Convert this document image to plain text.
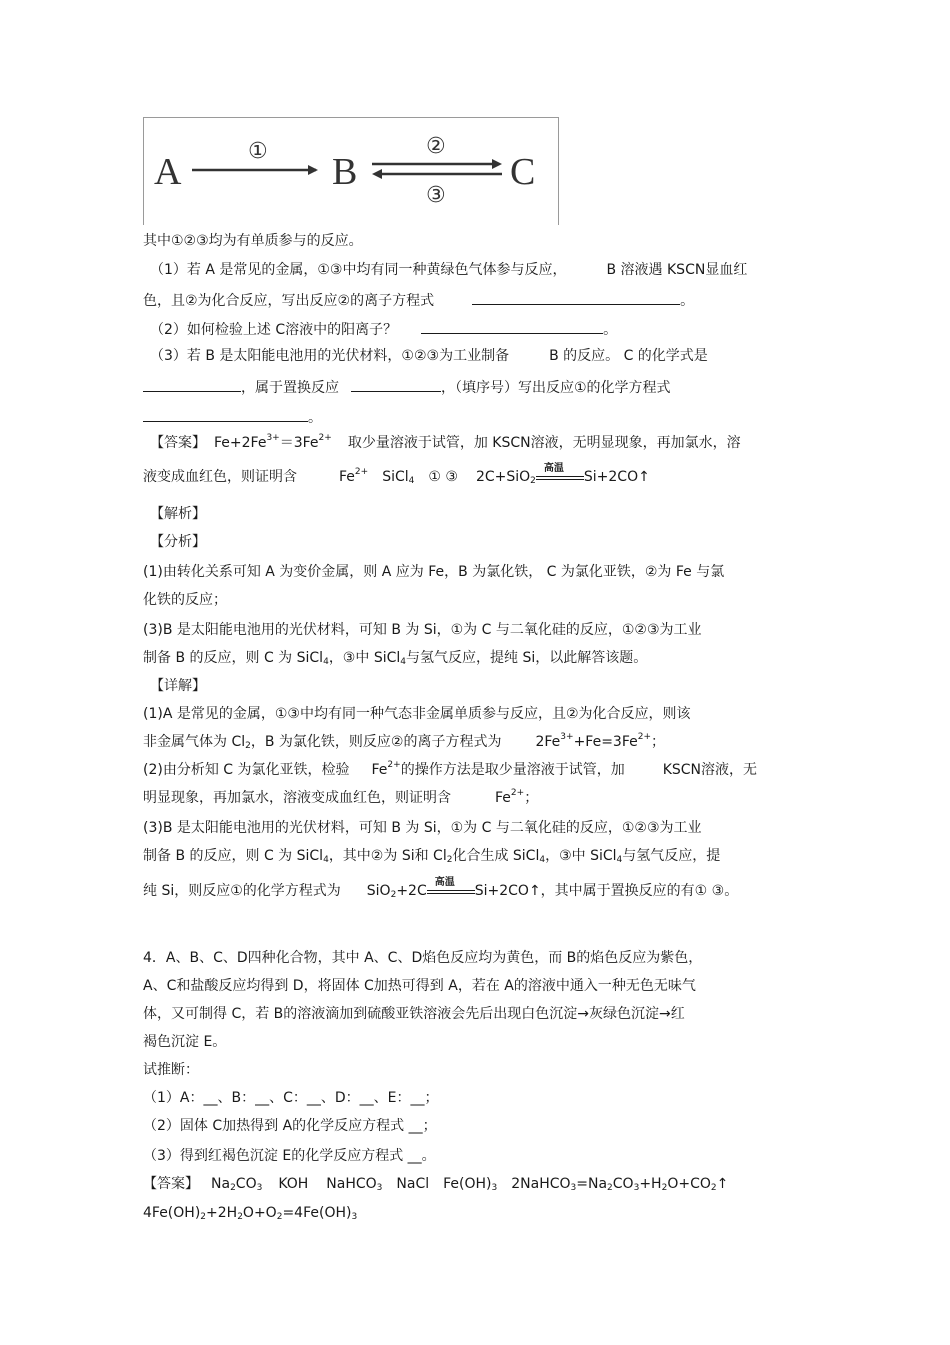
A	① B
②
③
C
其中①②③均为有单质参与的反应。
（1）若 A 是常见的金属，①③中均有同一种黄绿色气体参与反应，	B 溶液遇 KSCN显血红
色，且②为化合反应，写出反应②的离子方程式	。
（2）如何检验上述 C溶液中的阳离子？	。
（3）若 B 是太阳能电池用的光伏材料，①②③为工业制备	B 的反应。 C 的化学式是
，属于置换反应	，（填序号）写出反应①的化学方程式
。
【答案】 $Fe+2Fe^{3+}=3Fe^{2+}$ 取少量溶液于试管，加 KSCN溶液，无明显现象，再加氯水，溶
液变成血红色，则证明含	$Fe^{2+}$ SiCl$_4$ ① ③ 2C+SiO$_2$
高温
Si+2CO↑
【解析】
【分析】
(1)由转化关系可知 A 为变价金属，则 A 应为 Fe，B 为氯化铁， C 为氯化亚铁，②为 Fe 与氯
化铁的反应；
(3)B 是太阳能电池用的光伏材料，可知 B 为 Si，①为 C 与二氧化硅的反应，①②③为工业
制备 B 的反应，则 C 为 SiCl$_4$，③中 SiCl$_4$与氢气反应，提纯 Si，以此解答该题。
【详解】
(1)A 是常见的金属，①③中均有同一种气态非金属单质参与反应，且②为化合反应，则该
非金属气体为 $Cl_2$，B 为氯化铁，则反应②的离子方程式为 $2Fe^{3+}+Fe=3Fe^{2+}$；
(2)由分析知 C 为氯化亚铁，检验 $Fe^{2+}$的操作方法是取少量溶液于试管，加	KSCN溶液，无
明显现象，再加氯水，溶液变成血红色，则证明含	$Fe^{2+}$；
(3)B 是太阳能电池用的光伏材料，可知 B 为 Si，①为 C 与二氧化硅的反应，①②③为工业
制备 B 的反应，则 C 为 SiCl$_4$，其中②为 Si和 $Cl_2$化合生成 SiCl$_4$，③中 SiCl$_4$与氢气反应，提
纯 Si，则反应①的化学方程式为 SiO$_2$+2C
高温
Si+2CO↑，其中属于置换反应的有① ③。
4．A、B、C、D四种化合物，其中 A、C、D焰色反应均为黄色，而 B的焰色反应为紫色，
A、C和盐酸反应均得到 D，将固体 C加热可得到 A，若在 A的溶液中通入一种无色无味气
体，又可制得 C，若 B的溶液滴加到硫酸亚铁溶液会先后出现白色沉淀→灰绿色沉淀→红
褐色沉淀 E。
试推断：
（1）A：__、B：__、C：__、D：__、E：__；
（2）固体 C加热得到 A的化学反应方程式 __；
（3）得到红褐色沉淀 E的化学反应方程式 __。
【答案】 $Na_2CO_3$ KOH NaHCO$_3$ NaCl $Fe(OH)_3$ $2NaHCO_3=Na_2CO_3+H_2O+CO_2↑$
$4Fe(OH)_2+2H_2O+O_2=4Fe(OH)_3$
